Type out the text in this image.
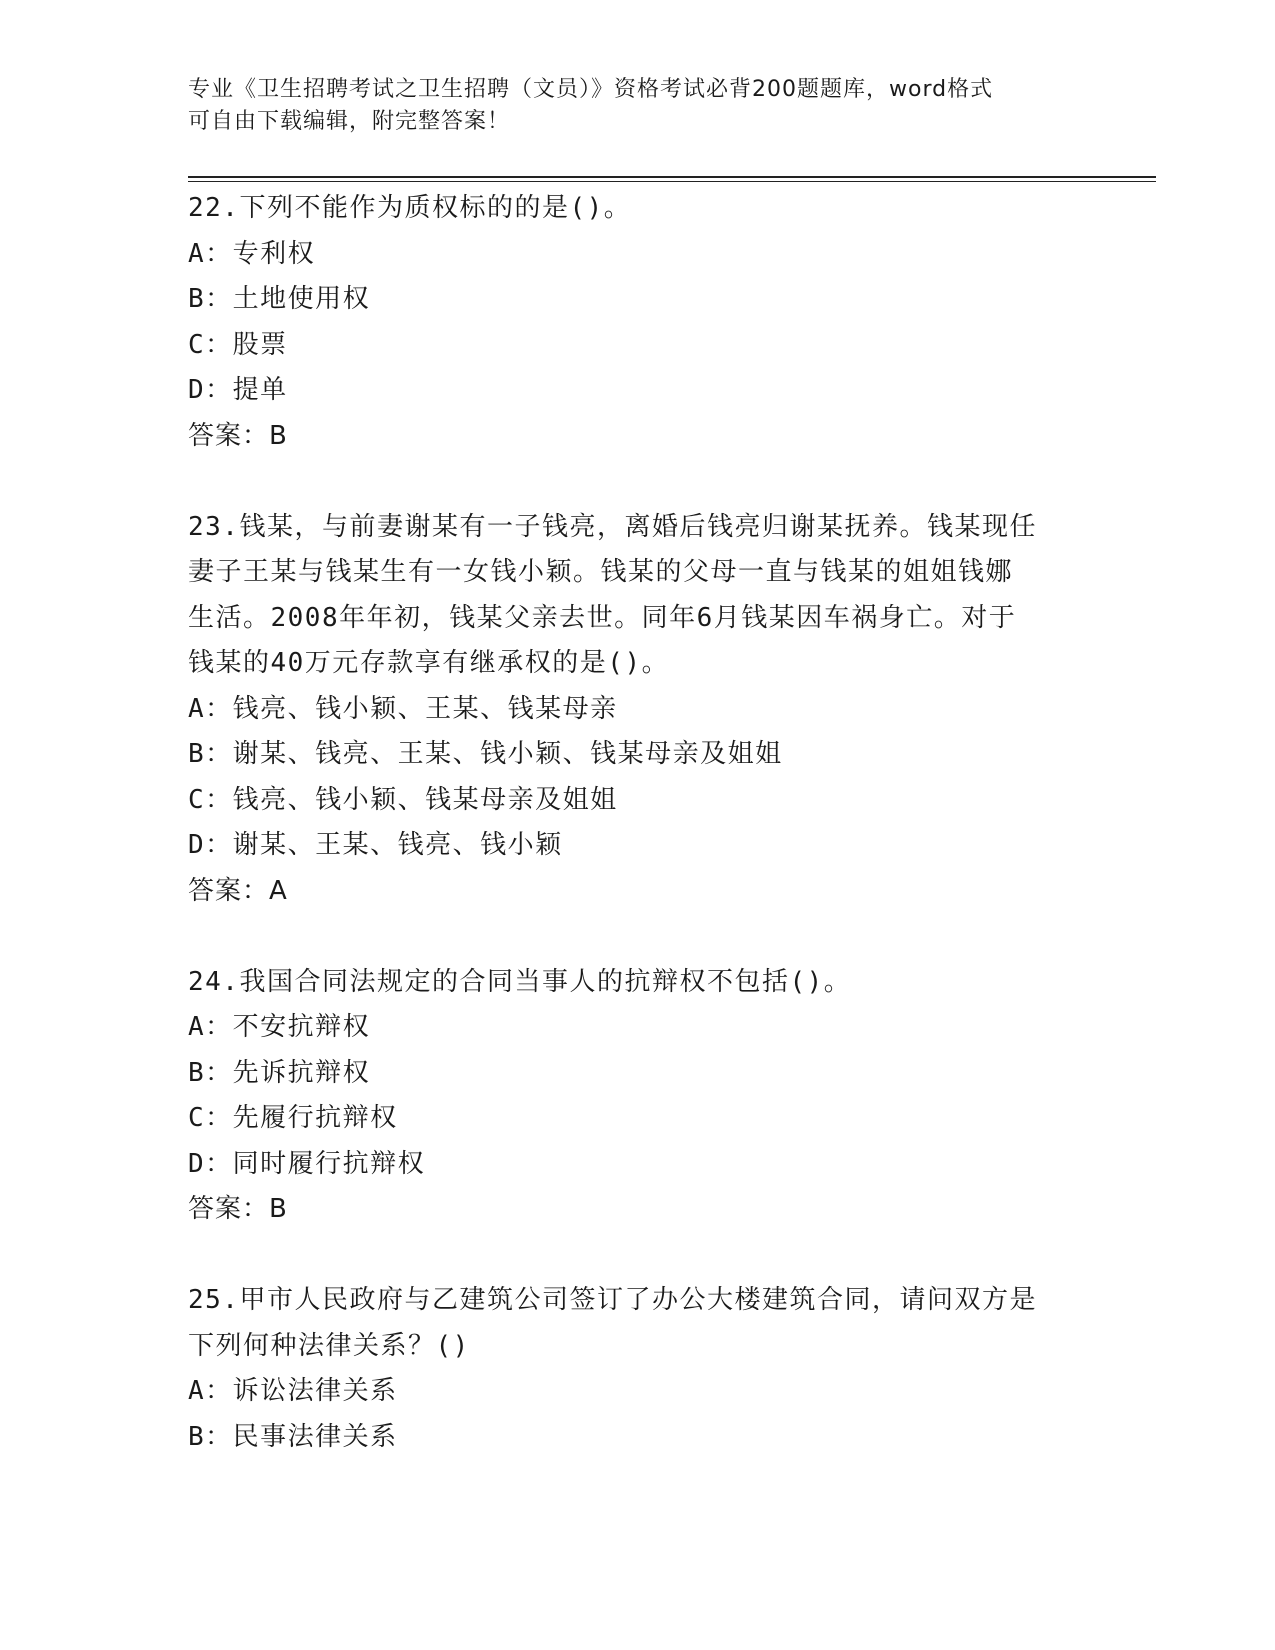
专业《卫生招聘考试之卫生招聘（文员）》资格考试必背200题题库，word格式
可自由下载编辑，附完整答案！
22.下列不能作为质权标的的是()。
A：专利权
B：土地使用权
C：股票
D：提单
答案：B
23.钱某，与前妻谢某有一子钱亮，离婚后钱亮归谢某抚养。钱某现任
妻子王某与钱某生有一女钱小颖。钱某的父母一直与钱某的姐姐钱娜
生活。2008年年初，钱某父亲去世。同年6月钱某因车祸身亡。对于
钱某的40万元存款享有继承权的是()。
A：钱亮、钱小颖、王某、钱某母亲
B：谢某、钱亮、王某、钱小颖、钱某母亲及姐姐
C：钱亮、钱小颖、钱某母亲及姐姐
D：谢某、王某、钱亮、钱小颖
答案：A
24.我国合同法规定的合同当事人的抗辩权不包括()。
A：不安抗辩权
B：先诉抗辩权
C：先履行抗辩权
D：同时履行抗辩权
答案：B
25.甲市人民政府与乙建筑公司签订了办公大楼建筑合同，请问双方是
下列何种法律关系？()
A：诉讼法律关系
B：民事法律关系
